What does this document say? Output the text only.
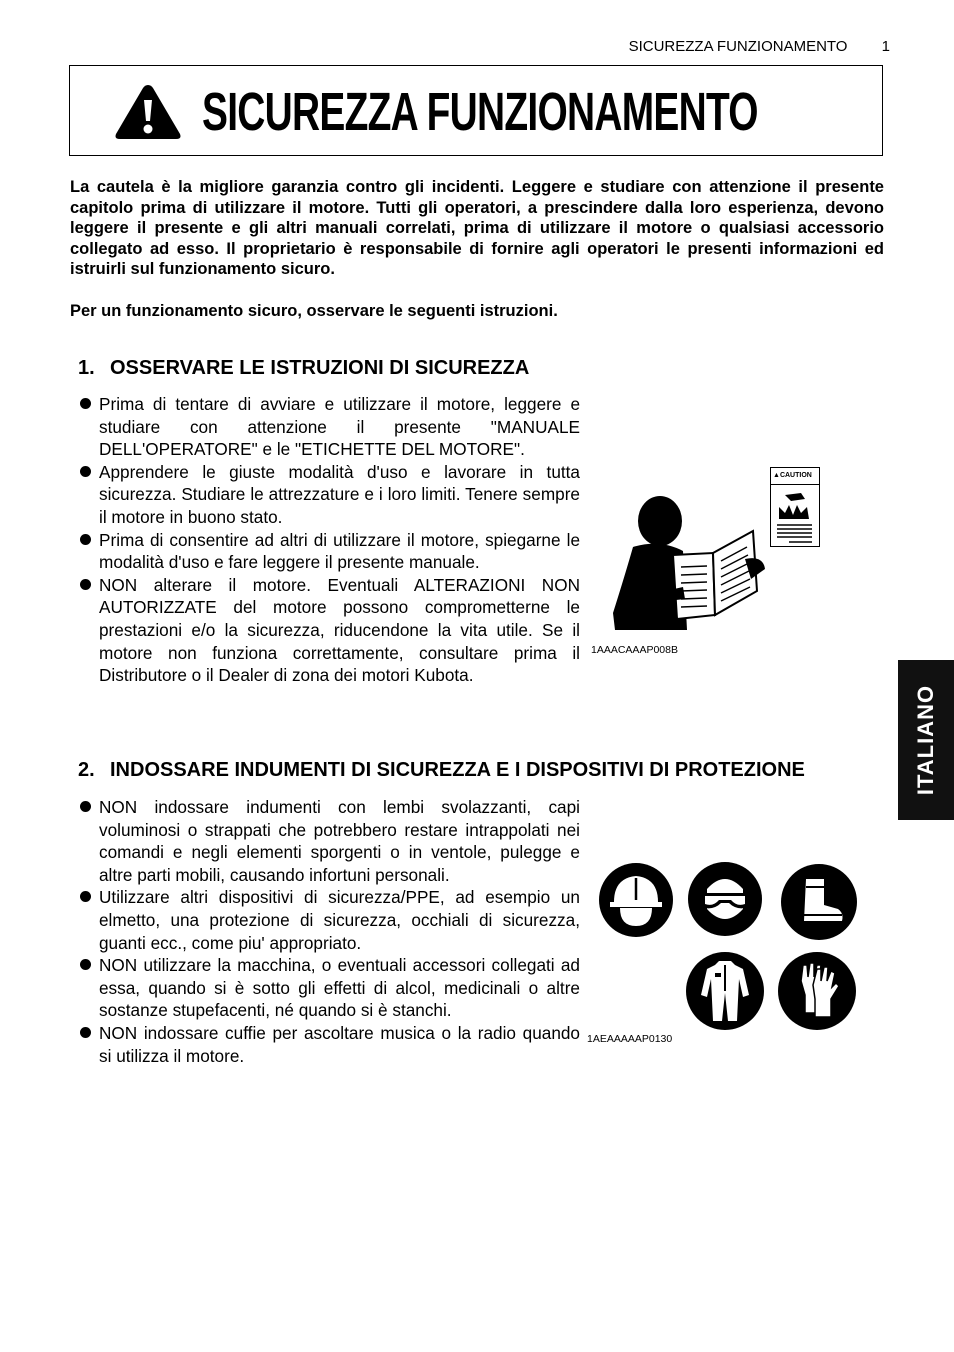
SICUREZZA FUNZIONAMENTO 1
SICUREZZA FUNZIONAMENTO

La cautela è la migliore garanzia contro gli incidenti. Leggere e studiare con attenzione il presente capitolo prima di utilizzare il motore. Tutti gli operatori, a prescindere dalla loro esperienza, devono leggere il presente e gli altri manuali correlati, prima di utilizzare il motore o qualsiasi accessorio collegato ad esso. Il proprietario è responsabile di fornire agli operatori le presenti informazioni ed istruirli sul funzionamento sicuro.

Per un funzionamento sicuro, osservare le seguenti istruzioni.

1. OSSERVARE LE ISTRUZIONI DI SICUREZZA
Prima di tentare di avviare e utilizzare il motore, leggere e studiare con attenzione il presente "MANUALE DELL'OPERATORE" e le "ETICHETTE DEL MOTORE".
Apprendere le giuste modalità d'uso e lavorare in tutta sicurezza. Studiare le attrezzature e i loro limiti. Tenere sempre il motore in buono stato.
Prima di consentire ad altri di utilizzare il motore, spiegarne le modalità d'uso e fare leggere il presente manuale.
NON alterare il motore. Eventuali ALTERAZIONI NON AUTORIZZATE del motore possono comprometterne le prestazioni e/o la sicurezza, riducendone la vita utile. Se il motore non funziona correttamente, consultare prima il Distributore o il Dealer di zona dei motori Kubota.
▲CAUTION
1AAACAAAP008B
2. INDOSSARE INDUMENTI DI SICUREZZA E I DISPOSITIVI DI PROTEZIONE
NON indossare indumenti con lembi svolazzanti, capi voluminosi o strappati che potrebbero restare intrappolati nei comandi e negli elementi sporgenti o in ventole, pulegge e altre parti mobili, causando infortuni personali.
Utilizzare altri dispositivi di sicurezza/PPE, ad esempio un elmetto, una protezione di sicurezza, occhiali di sicurezza, guanti ecc., come piu' appropriato.
NON utilizzare la macchina, o eventuali accessori collegati ad essa, quando si è sotto gli effetti di alcol, medicinali o altre sostanze stupefacenti, né quando si è stanchi.
NON indossare cuffie per ascoltare musica o la radio quando si utilizza il motore.
1AEAAAAAP0130
ITALIANO
